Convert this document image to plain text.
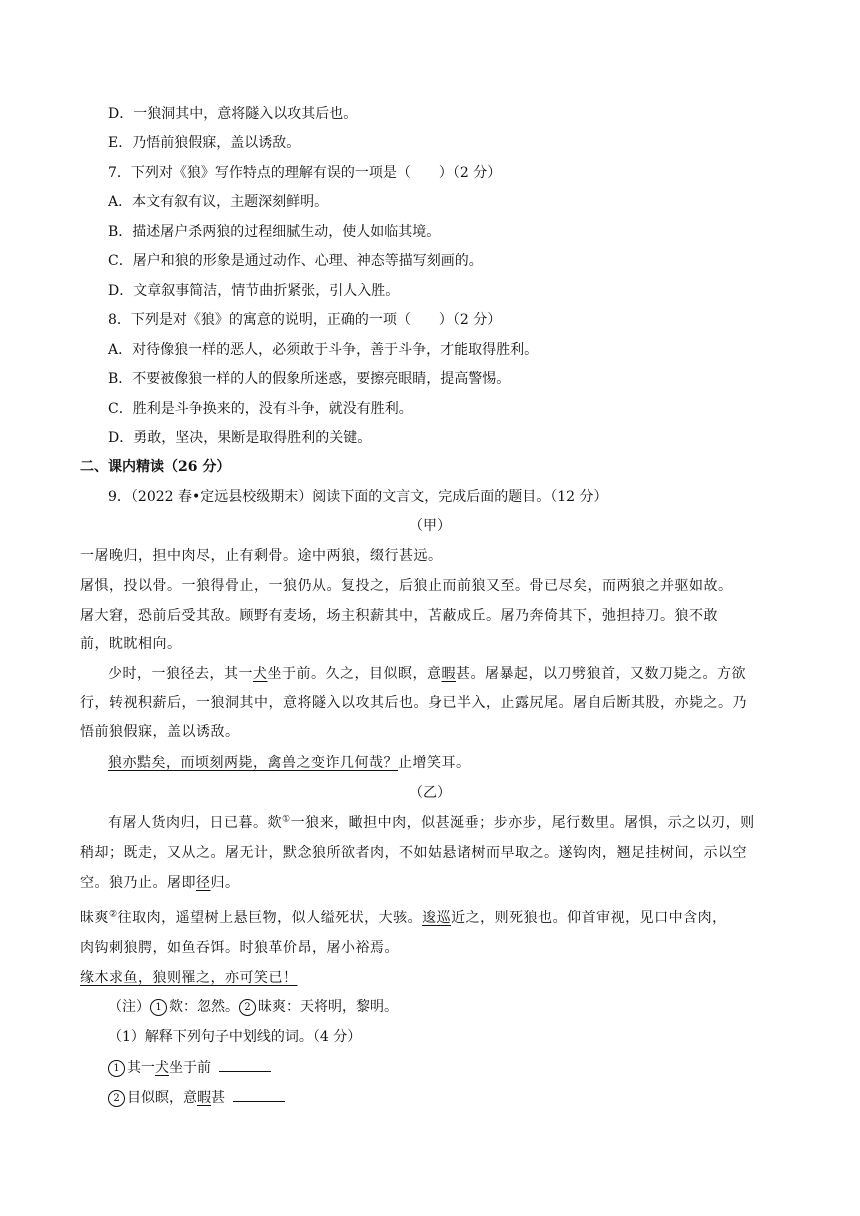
D．一狼洞其中，意将隧入以攻其后也。
E．乃悟前狼假寐，盖以诱敌。
7．下列对《狼》写作特点的理解有误的一项是（　　）（2 分）
A．本文有叙有议，主题深刻鲜明。
B．描述屠户杀两狼的过程细腻生动，使人如临其境。
C．屠户和狼的形象是通过动作、心理、神态等描写刻画的。
D．文章叙事简洁，情节曲折紧张，引人入胜。
8．下列是对《狼》的寓意的说明，正确的一项（　　）（2 分）
A．对待像狼一样的恶人，必须敢于斗争，善于斗争，才能取得胜利。
B．不要被像狼一样的人的假象所迷惑，要擦亮眼睛，提高警惕。
C．胜利是斗争换来的，没有斗争，就没有胜利。
D．勇敢，坚决，果断是取得胜利的关键。
二、课内精读（26 分）
9．（2022 春•定远县校级期末）阅读下面的文言文，完成后面的题目。（12 分）
（甲）
一屠晚归，担中肉尽，止有剩骨。途中两狼，缀行甚远。
屠惧，投以骨。一狼得骨止，一狼仍从。复投之，后狼止而前狼又至。骨已尽矣，而两狼之并驱如故。
屠大窘，恐前后受其敌。顾野有麦场，场主积薪其中，苫蔽成丘。屠乃奔倚其下，弛担持刀。狼不敢
前，眈眈相向。
少时，一狼径去，其一犬坐于前。久之，目似瞑，意暇甚。屠暴起，以刀劈狼首，又数刀毙之。方欲
行，转视积薪后，一狼洞其中，意将隧入以攻其后也。身已半入，止露尻尾。屠自后断其股，亦毙之。乃
悟前狼假寐，盖以诱敌。
狼亦黠矣，而顷刻两毙，禽兽之变诈几何哉？止增笑耳。
（乙）
有屠人货肉归，日已暮。欻①一狼来，瞰担中肉，似甚涎垂；步亦步，尾行数里。屠惧，示之以刃，则
稍却；既走，又从之。屠无计，默念狼所欲者肉，不如姑悬诸树而早取之。遂钩肉，翘足挂树间，示以空
空。狼乃止。屠即径归。
昧爽②往取肉，遥望树上悬巨物，似人缢死状，大骇。逡巡近之，则死狼也。仰首审视，见口中含肉，
肉钩刺狼腭，如鱼吞饵。时狼革价昂，屠小裕焉。
缘木求鱼，狼则罹之，亦可笑已！
（注） 1 欻：忽然。 2 昧爽：天将明，黎明。
（1）解释下列句子中划线的词。（4 分）
1 其一犬坐于前
2 目似瞑，意暇甚
